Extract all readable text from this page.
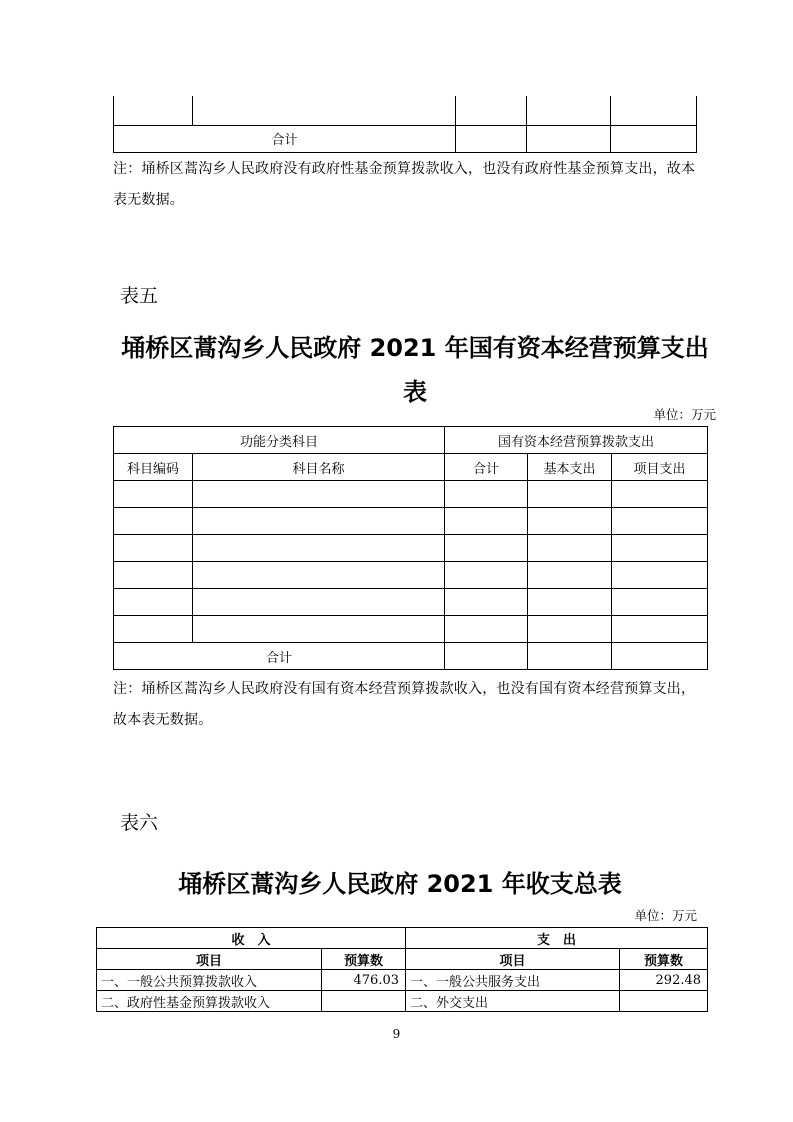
合计				
注：埇桥区蒿沟乡人民政府没有政府性基金预算拨款收入，也没有政府性基金预算支出，故本表无数据。
表五
埇桥区蒿沟乡人民政府 2021 年国有资本经营预算支出
表
单位：万元
功能分类科目		国有资本经营预算拨款支出		
科目编码	科目名称	合计	基本支出	项目支出

合计				
注：埇桥区蒿沟乡人民政府没有国有资本经营预算拨款收入，也没有国有资本经营预算支出，故本表无数据。
表六
埇桥区蒿沟乡人民政府 2021 年收支总表
单位：万元
收　入		支　出	
项目	预算数	项目	预算数
一、一般公共预算拨款收入	476.03	一、一般公共服务支出	292.48
二、政府性基金预算拨款收入		二、外交支出	
9
